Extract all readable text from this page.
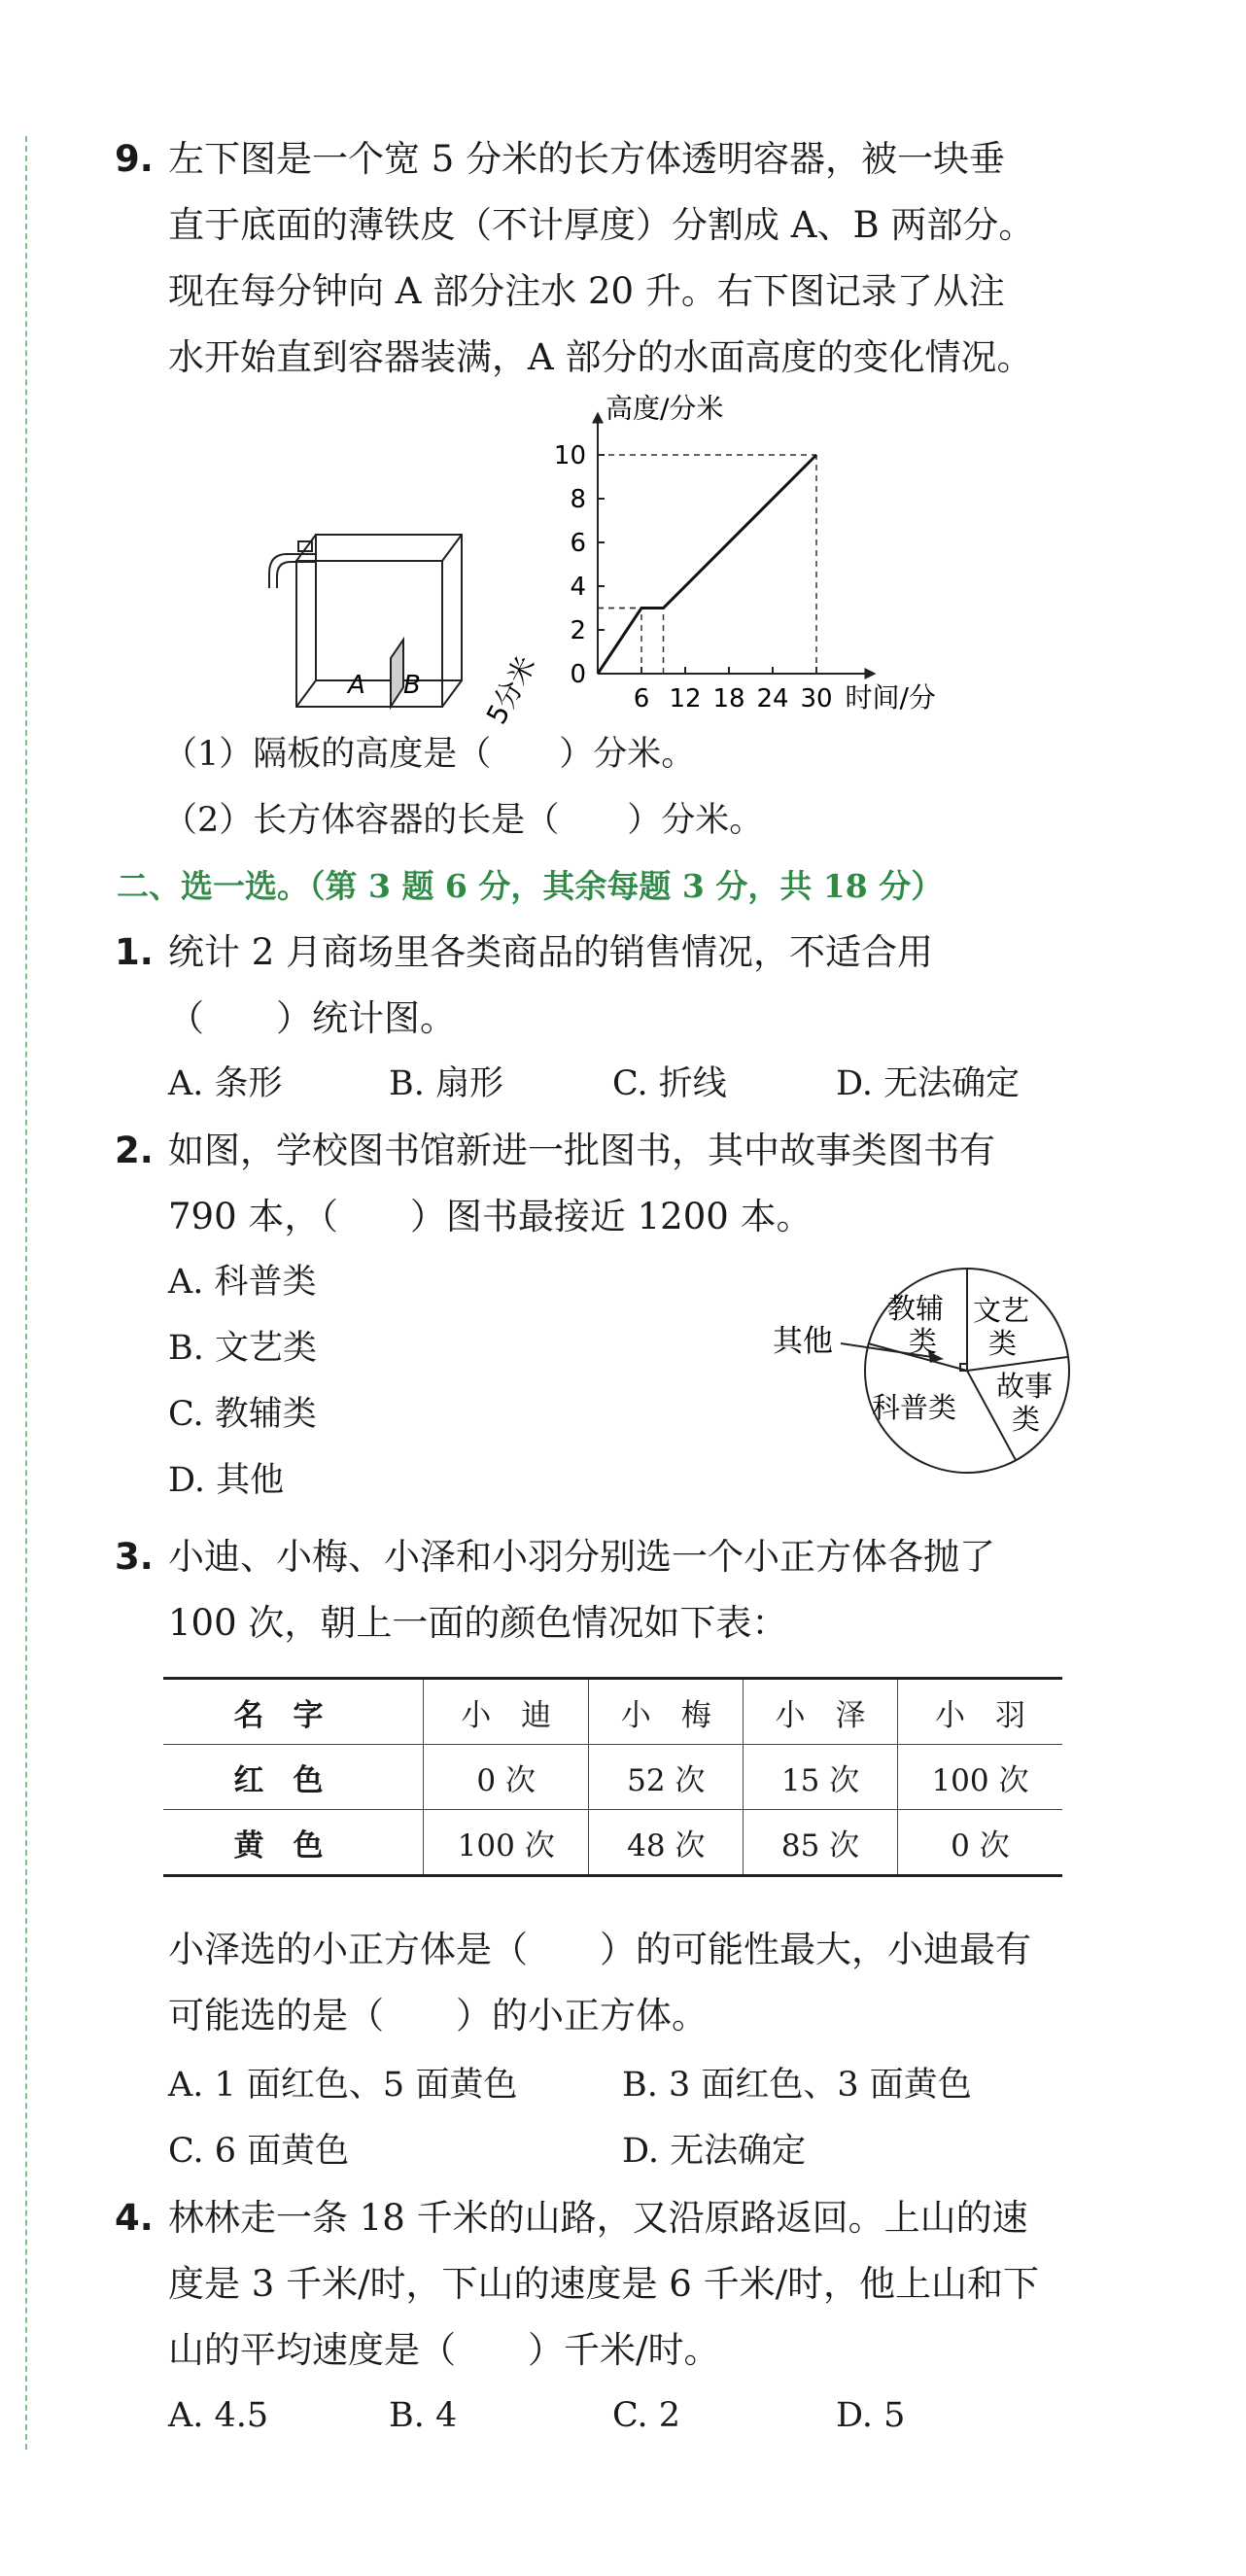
9. 左下图是一个宽 5 分米的长方体透明容器，被一块垂
直于底面的薄铁皮（不计厚度）分割成 A、B 两部分。
现在每分钟向 A 部分注水 20 升。右下图记录了从注
水开始直到容器装满，A 部分的水面高度的变化情况。
A B 5分米 0
2
4
6
8
10
6 12 18 24 30
高度/分米
时间/分
（1）隔板的高度是（　　）分米。
（2）长方体容器的长是（　　）分米。
二、选一选。（第 3 题 6 分，其余每题 3 分，共 18 分）
1. 统计 2 月商场里各类商品的销售情况，不适合用
（　　）统计图。
A. 条形	B. 扇形	C. 折线	D. 无法确定
2. 如图，学校图书馆新进一批图书，其中故事类图书有
790 本，（　　）图书最接近 1200 本。
A. 科普类
B. 文艺类
C. 教辅类
D. 其他
教辅
类
文艺
类
故事
类
科普类
其他
3. 小迪、小梅、小泽和小羽分别选一个小正方体各抛了
100 次，朝上一面的颜色情况如下表：
名字	小　迪	小　梅	小　泽	小　羽
红色	0 次	52 次	15 次	100 次
黄色	100 次	48 次	85 次	0 次
小泽选的小正方体是（　　）的可能性最大，小迪最有
可能选的是（　　）的小正方体。
A. 1 面红色、5 面黄色	B. 3 面红色、3 面黄色
C. 6 面黄色	D. 无法确定
4. 林林走一条 18 千米的山路，又沿原路返回。上山的速
度是 3 千米/时，下山的速度是 6 千米/时，他上山和下
山的平均速度是（　　）千米/时。
A. 4.5	B. 4	C. 2	D. 5
